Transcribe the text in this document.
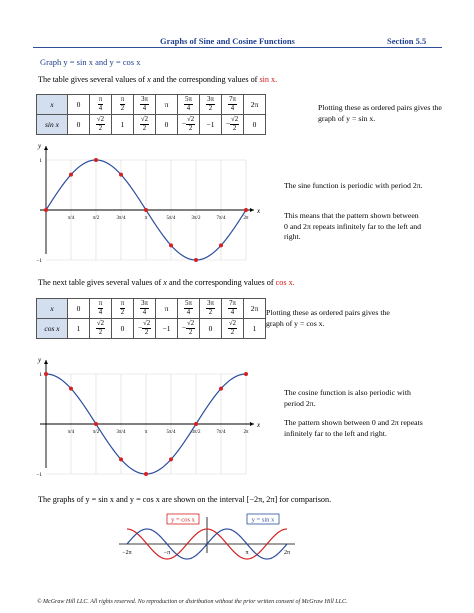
Graphs of Sine and Cosine Functions	Section 5.5
Graph y = sin x and y = cos x
The table gives several values of x and the corresponding values of sin x.
x	0	$\frac{\pi}{4}$	$\frac{\pi}{2}$	$\frac{3\pi}{4}$	π	$\frac{5\pi}{4}$	$\frac{3\pi}{2}$	$\frac{7\pi}{4}$	2π
sin x	0	$\frac{√2}{2}$	1	$\frac{√2}{2}$	0	− $\frac{√2}{2}$	−1	− $\frac{√2}{2}$	0
Plotting these as ordered pairs gives the graph of y = sin x.
x
y
π/4	π/2	3π/4	π	5π/4	3π/2	7π/4	2π
1
−1
The sine function is periodic with period 2π.
This means that the pattern shown between 0 and 2π repeats infinitely far to the left and right.
The next table gives several values of x and the corresponding values of cos x.
x	0	$\frac{\pi}{4}$	$\frac{\pi}{2}$	$\frac{3\pi}{4}$	π	$\frac{5\pi}{4}$	$\frac{3\pi}{2}$	$\frac{7\pi}{4}$	2π
cos x	1	$\frac{√2}{2}$	0	− $\frac{√2}{2}$	−1	− $\frac{√2}{2}$	0	$\frac{√2}{2}$	1
Plotting these as ordered pairs gives the graph of y = cos x.
x
y
π/4	π/2	3π/4	π	5π/4	3π/2	7π/4	2π
1
−1
The cosine function is also periodic with period 2π.
The pattern shown between 0 and 2π repeats infinitely far to the left and right.
The graphs of y = sin x and y = cos x are shown on the interval [−2π, 2π] for comparison.
−2π	−π	π	2π
y = cos x	y = sin x
© McGraw Hill LLC. All rights reserved. No reproduction or distribution without the prior written consent of McGraw Hill LLC.
